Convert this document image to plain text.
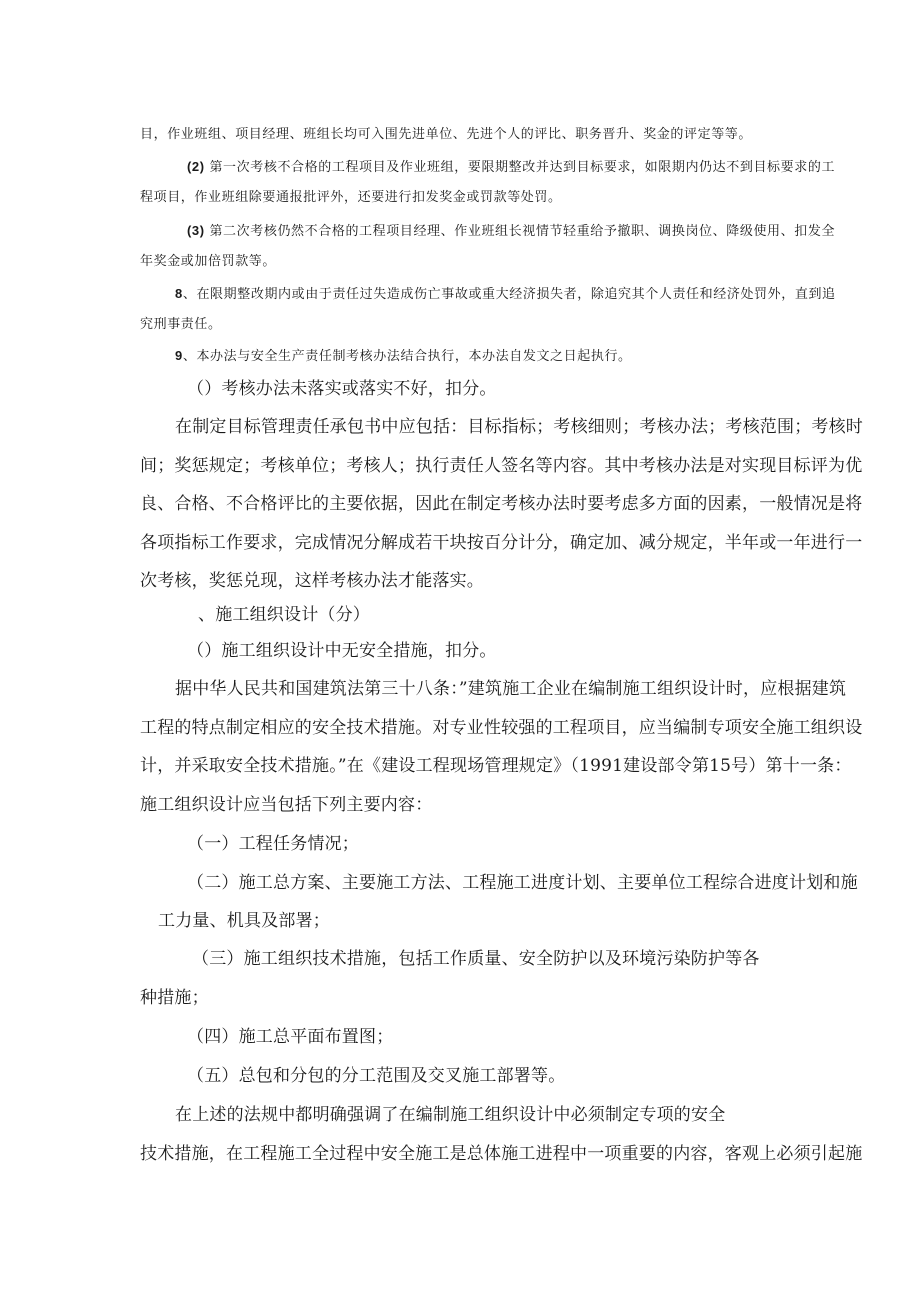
目，作业班组、项目经理、班组长均可入围先进单位、先进个人的评比、职务晋升、奖金的评定等等。
(2) 第一次考核不合格的工程项目及作业班组，要限期整改并达到目标要求，如限期内仍达不到目标要求的工
程项目，作业班组除要通报批评外，还要进行扣发奖金或罚款等处罚。
(3) 第二次考核仍然不合格的工程项目经理、作业班组长视情节轻重给予撤职、调换岗位、降级使用、扣发全
年奖金或加倍罚款等。
8、在限期整改期内或由于责任过失造成伤亡事故或重大经济损失者，除追究其个人责任和经济处罚外，直到追
究刑事责任。
9、本办法与安全生产责任制考核办法结合执行，本办法自发文之日起执行。
（）考核办法未落实或落实不好，扣分。
在制定目标管理责任承包书中应包括：目标指标；考核细则；考核办法；考核范围；考核时
间；奖惩规定；考核单位；考核人；执行责任人签名等内容。其中考核办法是对实现目标评为优
良、合格、不合格评比的主要依据，因此在制定考核办法时要考虑多方面的因素，一般情况是将
各项指标工作要求，完成情况分解成若干块按百分计分，确定加、减分规定，半年或一年进行一
次考核，奖惩兑现，这样考核办法才能落实。
、施工组织设计（分）
（）施工组织设计中无安全措施，扣分。
据中华人民共和国建筑法第三十八条：”建筑施工企业在编制施工组织设计时，应根据建筑
工程的特点制定相应的安全技术措施。对专业性较强的工程项目，应当编制专项安全施工组织设
计，并采取安全技术措施。”在《建设工程现场管理规定》（1991建设部令第15号）第十一条：
施工组织设计应当包括下列主要内容：
（一）工程任务情况；
（二）施工总方案、主要施工方法、工程施工进度计划、主要单位工程综合进度计划和施
工力量、机具及部署；
（三）施工组织技术措施，包括工作质量、安全防护以及环境污染防护等各
种措施；
（四）施工总平面布置图；
（五）总包和分包的分工范围及交叉施工部署等。
在上述的法规中都明确强调了在编制施工组织设计中必须制定专项的安全
技术措施，在工程施工全过程中安全施工是总体施工进程中一项重要的内容，客观上必须引起施
